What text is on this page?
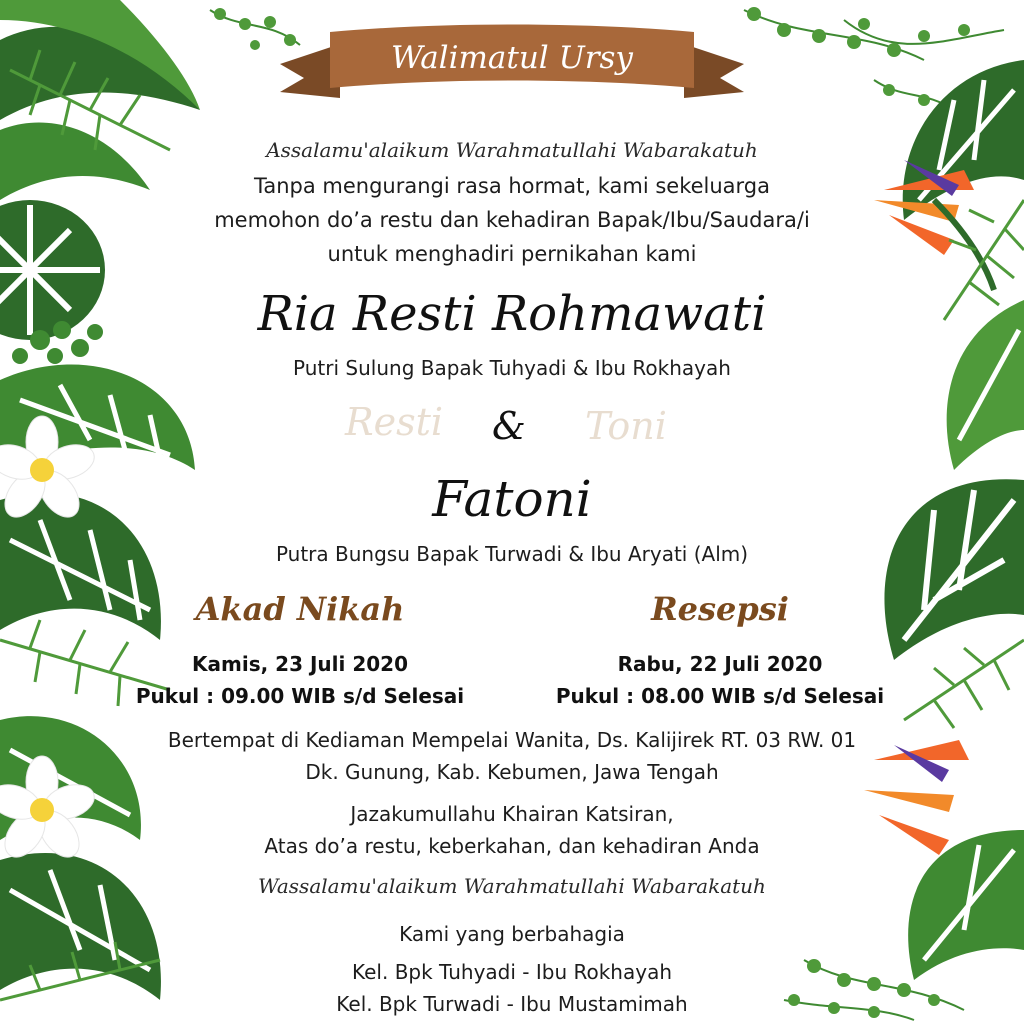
Walimatul Ursy
Assalamu'alaikum Warahmatullahi Wabarakatuh
Tanpa mengurangi rasa hormat, kami sekeluarga
memohon do’a restu dan kehadiran Bapak/Ibu/Saudara/i
untuk menghadiri pernikahan kami
Ria Resti Rohmawati
Putri Sulung Bapak Tuhyadi & Ibu Rokhayah
Resti & Toni
Fatoni
Putra Bungsu Bapak Turwadi & Ibu Aryati (Alm)
Akad Nikah
Kamis, 23 Juli 2020
Pukul : 09.00 WIB s/d Selesai
Resepsi
Rabu, 22 Juli 2020
Pukul : 08.00 WIB s/d Selesai
Bertempat di Kediaman Mempelai Wanita, Ds. Kalijirek RT. 03 RW. 01
Dk. Gunung, Kab. Kebumen, Jawa Tengah
Jazakumullahu Khairan Katsiran,
Atas do’a restu, keberkahan, dan kehadiran Anda
Wassalamu'alaikum Warahmatullahi Wabarakatuh
Kami yang berbahagia
Kel. Bpk Tuhyadi - Ibu Rokhayah
Kel. Bpk Turwadi - Ibu Mustamimah
